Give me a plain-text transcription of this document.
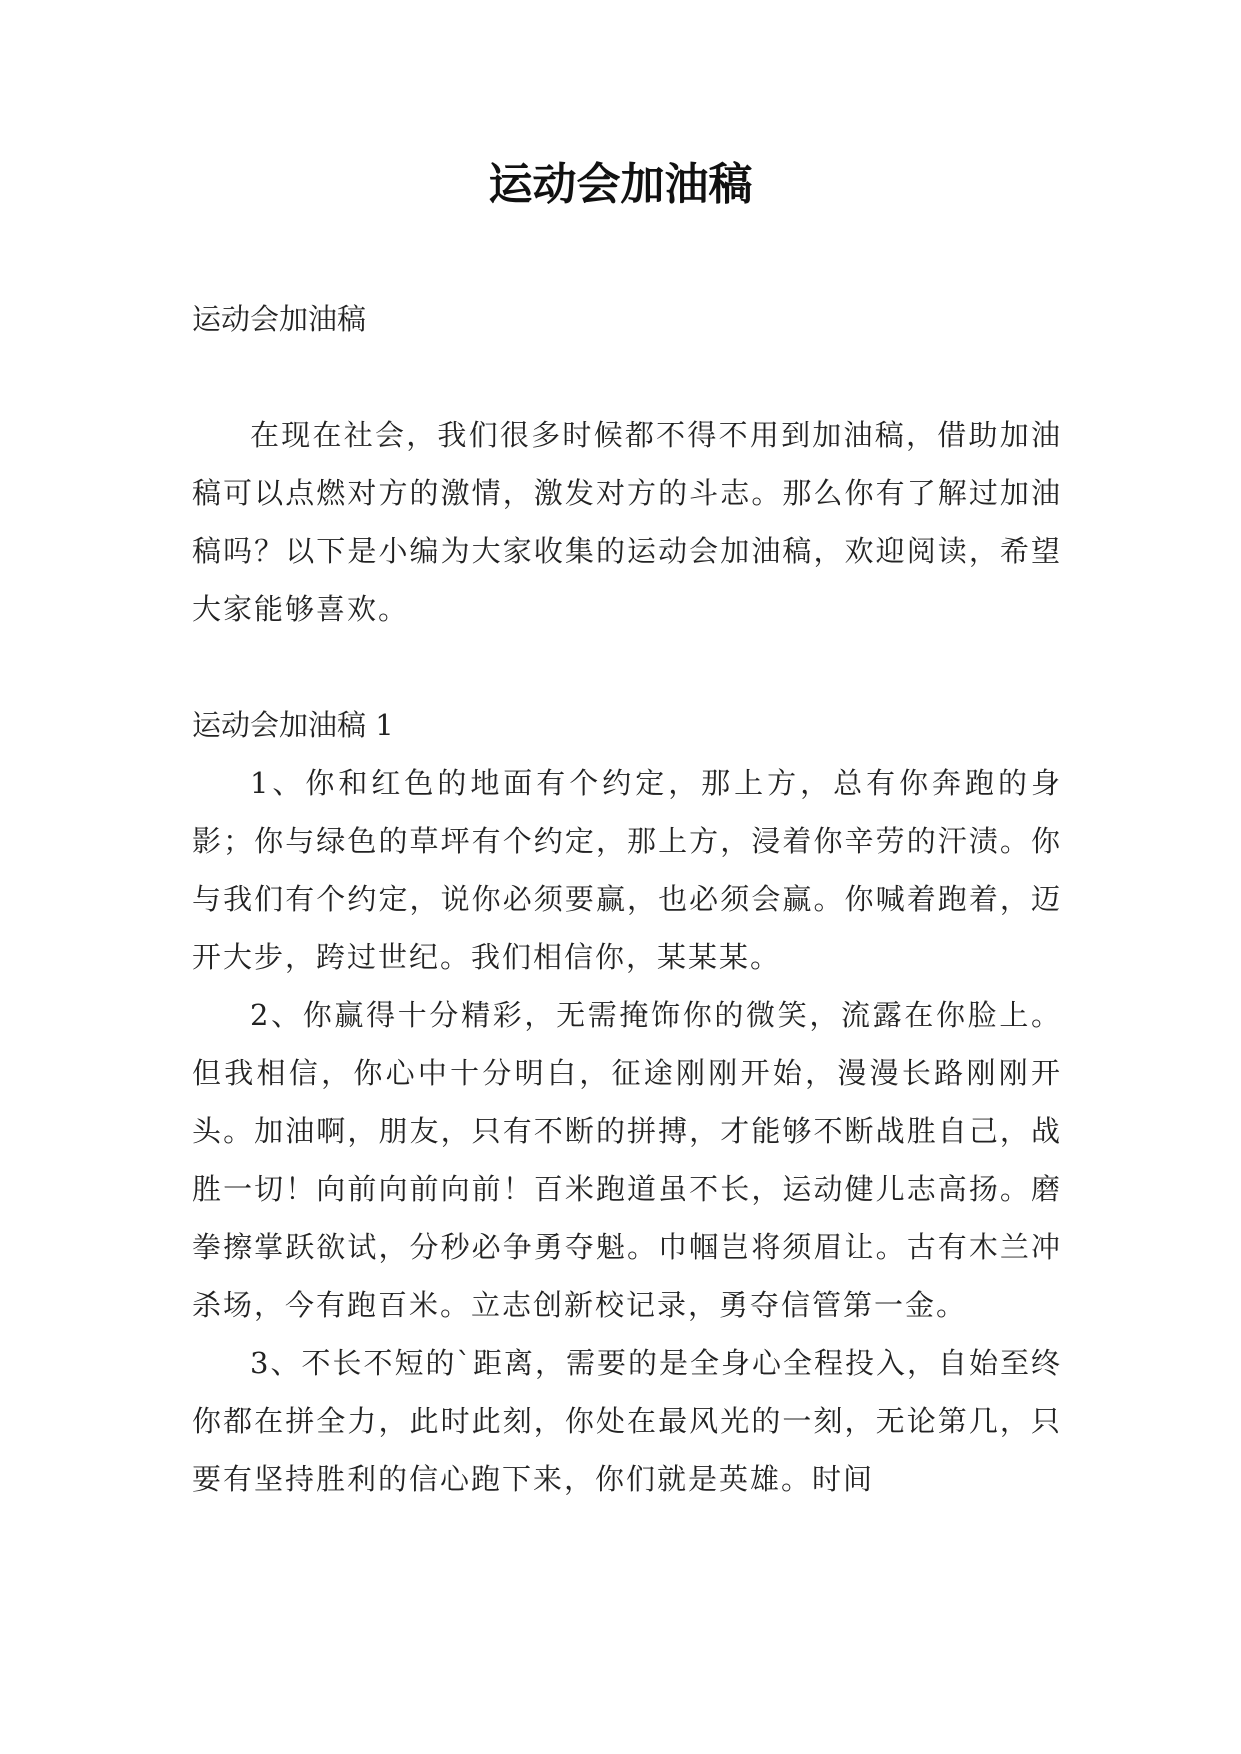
运动会加油稿

运动会加油稿

在现在社会，我们很多时候都不得不用到加油稿，借助加油稿可以点燃对方的激情，激发对方的斗志。那么你有了解过加油稿吗？以下是小编为大家收集的运动会加油稿，欢迎阅读，希望大家能够喜欢。

运动会加油稿 1

1、你和红色的地面有个约定，那上方，总有你奔跑的身影；你与绿色的草坪有个约定，那上方，浸着你辛劳的汗渍。你与我们有个约定，说你必须要赢，也必须会赢。你喊着跑着，迈开大步，跨过世纪。我们相信你，某某某。

2、你赢得十分精彩，无需掩饰你的微笑，流露在你脸上。但我相信，你心中十分明白，征途刚刚开始，漫漫长路刚刚开头。加油啊，朋友，只有不断的拼搏，才能够不断战胜自己，战胜一切！向前向前向前！百米跑道虽不长，运动健儿志高扬。磨拳擦掌跃欲试，分秒必争勇夺魁。巾帼岂将须眉让。古有木兰冲杀场，今有跑百米。立志创新校记录，勇夺信管第一金。

3、不长不短的`距离，需要的是全身心全程投入，自始至终你都在拼全力，此时此刻，你处在最风光的一刻，无论第几，只要有坚持胜利的信心跑下来，你们就是英雄。时间
